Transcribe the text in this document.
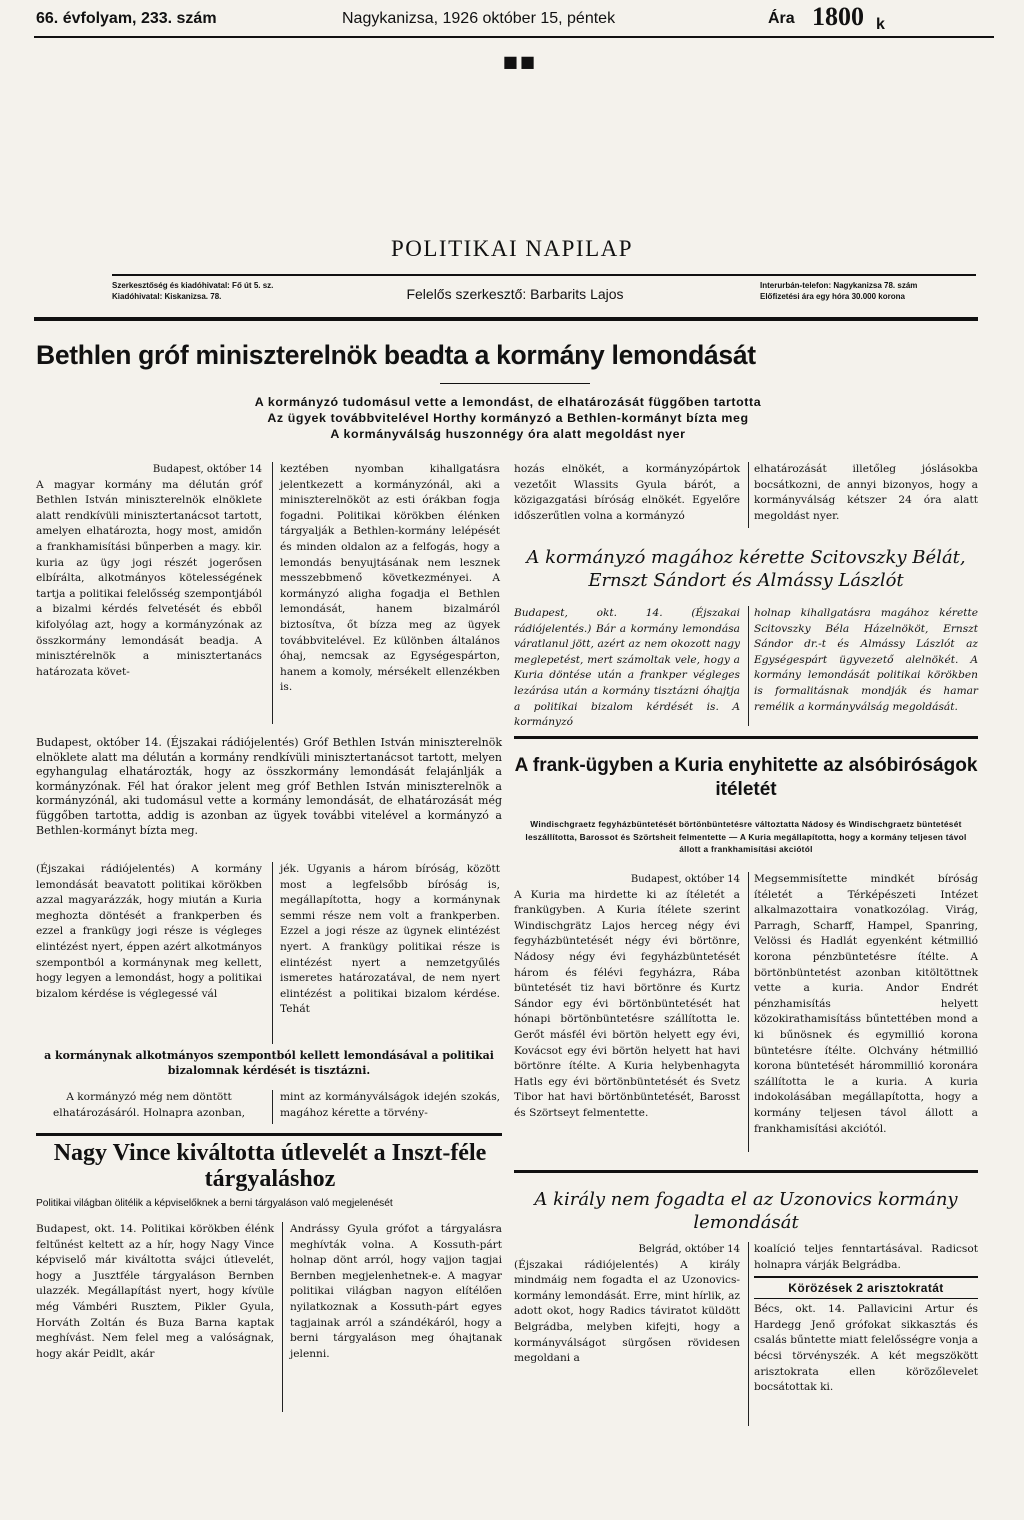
66. évfolyam, 233. szám	Nagykanizsa, 1926 október 15, péntek	Ára 1800 k
■■
POLITIKAI NAPILAP
Szerkesztőség és kiadóhivatal: Fő út 5. sz.
Kiadóhivatal: Kiskanizsa. 78.	Felelős szerkesztő: Barbarits Lajos
Interurbán-telefon: Nagykanizsa 78. szám
Előfizetési ára egy hóra 30.000 korona
Bethlen gróf miniszterelnök beadta a kormány lemondását
A kormányzó tudomásul vette a lemondást, de elhatározását függőben tartotta
Az ügyek továbbvitelével Horthy kormányzó a Bethlen-kormányt bízta meg
A kormányválság huszonnégy óra alatt megoldást nyer
Budapest, október 14

A magyar kormány ma délután gróf Bethlen István miniszterelnök elnöklete alatt rendkívüli minisztertanácsot tartott, amelyen elhatározta, hogy most, amidőn a frankhamisítási bűnperben a magy. kir. kuria az ügy jogi részét jogerősen elbírálta, alkotmányos kötelességének tartja a politikai felelősség szempontjából a bizalmi kérdés felvetését és ebből kifolyólag azt, hogy a kormányzónak az összkormány lemondását beadja. A minisztérelnök a minisztertanács határozata követ-

keztében nyomban kihallgatásra jelentkezett a kormányzónál, aki a miniszterelnököt az esti órákban fogja fogadni. Politikai körökben élénken tárgyalják a Bethlen-kormány lelépését és minden oldalon az a felfogás, hogy a lemondás benyujtásának nem lesznek messzebbmenő következményei. A kormányzó aligha fogadja el Bethlen lemondását, hanem bizalmáról biztosítva, őt bízza meg az ügyek továbbvitelével. Ez különben általános óhaj, nemcsak az Egységespárton, hanem a komoly, mérsékelt ellenzékben is.

Budapest, október 14. (Éjszakai rádiójelentés) Gróf Bethlen István miniszterelnök elnöklete alatt ma délután a kormány rendkívüli minisztertanácsot tartott, melyen egyhangulag elhatározták, hogy az összkormány lemondását felajánlják a kormányzónak. Fél hat órakor jelent meg gróf Bethlen István miniszterelnök a kormányzónál, aki tudomásul vette a kormány lemondását, de elhatározását még függőben tartotta, addig is azonban az ügyek további vitelével a kormányzó a Bethlen-kormányt bízta meg.

(Éjszakai rádiójelentés) A kormány lemondását beavatott politikai körökben azzal magyarázzák, hogy miután a Kuria meghozta döntését a frankperben és ezzel a frankügy jogi része is végleges elintézést nyert, éppen azért alkotmányos szempontból a kormánynak meg kellett, hogy legyen a lemondást, hogy a politikai bizalom kérdése is véglegessé vál

jék. Ugyanis a három bíróság, között most a legfelsőbb bíróság is, megállapította, hogy a kormánynak semmi része nem volt a frankperben. Ezzel a jogi része az ügynek elintézést nyert. A frankügy politikai része is elintézést nyert a nemzetgyűlés ismeretes határozatával, de nem nyert elintézést a politikai bizalom kérdése. Tehát

a kormánynak alkotmányos szempontból kellett lemondásával a politikai bizalomnak kérdését is tisztázni.

A kormányzó még nem döntött elhatározásáról. Holnapra azonban,

mint az kormányválságok idején szokás, magához kérette a törvény-

Nagy Vince kiváltotta útlevelét a Inszt-féle tárgyaláshoz
Politikai világban ölitélik a képviselőknek a berni tárgyaláson való megjelenését

Budapest, okt. 14. Politikai körökben élénk feltűnést keltett az a hír, hogy Nagy Vince képviselő már kiváltotta svájci útlevelét, hogy a Jusztféle tárgyaláson Bernben ulazzék. Megállapítást nyert, hogy kívüle még Vámbéri Rusztem, Pikler Gyula, Horváth Zoltán és Buza Barna kaptak meghívást. Nem felel meg a valóságnak, hogy akár Peidlt, akár

Andrássy Gyula grófot a tárgyalásra meghívták volna. A Kossuth-párt holnap dönt arról, hogy vajjon tagjai Bernben megjelenhetnek-e. A magyar politikai világban nagyon elítélően nyilatkoznak a Kossuth-párt egyes tagjainak arról a szándékáról, hogy a berni tárgyaláson meg óhajtanak jelenni.

hozás elnökét, a kormányzópártok vezetőit Wlassits Gyula bárót, a közigazgatási bíróság elnökét. Egyelőre időszerűtlen volna a kormányzó

elhatározását illetőleg jóslásokba bocsátkozni, de annyi bizonyos, hogy a kormányválság kétszer 24 óra alatt megoldást nyer.

A kormányzó magához kérette Scitovszky Bélát, Ernszt Sándort és Almássy Lászlót

Budapest, okt. 14. (Éjszakai rádiójelentés.) Bár a kormány lemondása váratlanul jött, azért az nem okozott nagy meglepetést, mert számoltak vele, hogy a Kuria döntése után a frankper végleges lezárása után a kormány tisztázni óhajtja a politikai bizalom kérdését is. A kormányzó

holnap kihallgatásra magához kérette Scitovszky Béla Házelnököt, Ernszt Sándor dr.-t és Almássy Lászlót az Egységespárt ügyvezető alelnökét. A kormány lemondását politikai körökben is formalitásnak mondják és hamar remélik a kormányválság megoldását.

A frank-ügyben a Kuria enyhitette az alsóbiróságok itéletét
Windischgraetz fegyházbüntetését börtönbüntetésre változtatta Nádosy és Windischgraetz büntetését leszállította, Barossot és Szörtsheit felmentette — A Kuria megállapította, hogy a kormány teljesen távol állott a frankhamisítási akciótól
Budapest, október 14

A Kuria ma hirdette ki az ítéletét a frankügyben. A Kuria ítélete szerint Windischgrätz Lajos herceg négy évi fegyházbüntetését négy évi börtönre, Nádosy négy évi fegyházbüntetését három és félévi fegyházra, Rába büntetését tiz havi börtönre és Kurtz Sándor egy évi börtönbüntetését hat hónapi börtönbüntetésre szállította le. Gerőt másfél évi börtön helyett egy évi, Kovácsot egy évi börtön helyett hat havi börtönre ítélte. A Kuria helybenhagyta Hatls egy évi börtönbüntetését és Svetz Tibor hat havi börtönbüntetését, Barosst és Szörtseyt felmentette.

Megsemmisítette mindkét bíróság ítéletét a Térképészeti Intézet alkalmazottaira vonatkozólag. Virág, Parragh, Scharff, Hampel, Spanring, Velössi és Hadlát egyenként kétmillió korona pénzbüntetésre ítélte. A börtönbüntetést azonban kitöltöttnek vette a kuria. Andor Endrét pénzhamisítás helyett közokirathamisításs bűntettében mond a ki bűnösnek és egymillió korona büntetésre ítélte. Olchvány hétmillió korona büntetését hárommillió koronára szállította le a kuria. A kuria indokolásában megállapította, hogy a kormány teljesen távol állott a frankhamisítási akciótól.

A király nem fogadta el az Uzonovics kormány lemondását
Belgrád, október 14

(Éjszakai rádiójelentés) A király mindmáig nem fogadta el az Uzonovics-kormány lemondását. Erre, mint hírlik, az adott okot, hogy Radics táviratot küldött Belgrádba, melyben kifejti, hogy a kormányválságot sürgősen rövidesen megoldani a

koalíció teljes fenntartásával. Radicsot holnapra várják Belgrádba.

Körözések 2 arisztokratát

Bécs, okt. 14. Pallavicini Artur és Hardegg Jenő grófokat sikkasztás és csalás bűntette miatt felelősségre vonja a bécsi törvényszék. A két megszökött arisztokrata ellen körözőlevelet bocsátottak ki.
